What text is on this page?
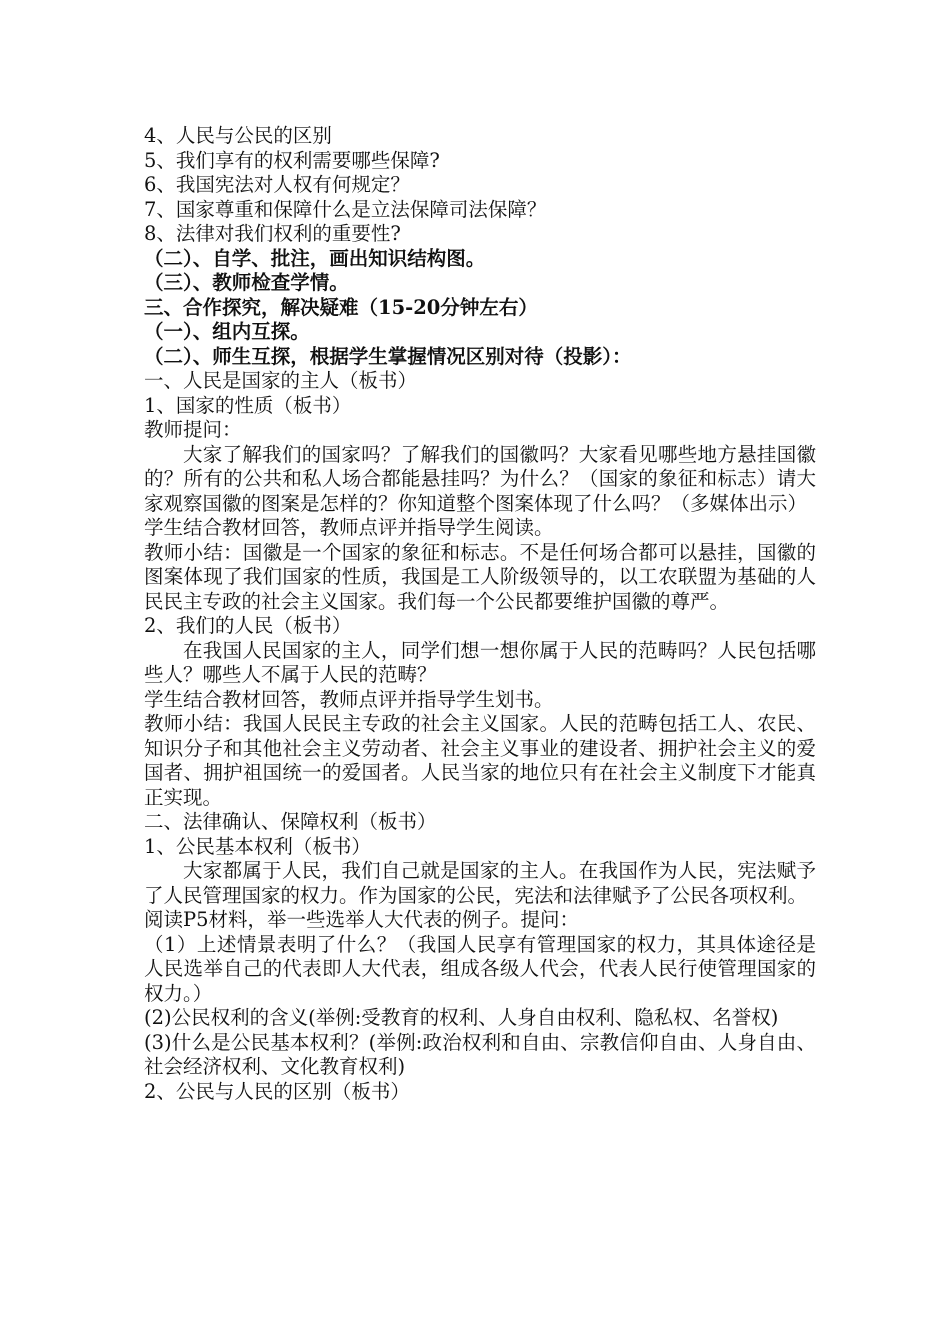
4、人民与公民的区别
5、我们享有的权利需要哪些保障?
6、我国宪法对人权有何规定？
7、国家尊重和保障什么是立法保障司法保障？
8、法律对我们权利的重要性?
（二）、自学、批注，画出知识结构图。
（三）、教师检查学情。
三、合作探究，解决疑难（15-20分钟左右）
（一）、组内互探。
（二）、师生互探，根据学生掌握情况区别对待（投影）：
一、人民是国家的主人（板书）
1、国家的性质（板书）
教师提问：
大家了解我们的国家吗？了解我们的国徽吗？大家看见哪些地方悬挂国徽的？所有的公共和私人场合都能悬挂吗？为什么？（国家的象征和标志）请大家观察国徽的图案是怎样的？你知道整个图案体现了什么吗？（多媒体出示）
学生结合教材回答，教师点评并指导学生阅读。
教师小结：国徽是一个国家的象征和标志。不是任何场合都可以悬挂，国徽的图案体现了我们国家的性质，我国是工人阶级领导的，以工农联盟为基础的人民民主专政的社会主义国家。我们每一个公民都要维护国徽的尊严。
2、我们的人民（板书）
在我国人民国家的主人，同学们想一想你属于人民的范畴吗？人民包括哪些人？哪些人不属于人民的范畴？
学生结合教材回答，教师点评并指导学生划书。
教师小结：我国人民民主专政的社会主义国家。人民的范畴包括工人、农民、知识分子和其他社会主义劳动者、社会主义事业的建设者、拥护社会主义的爱国者、拥护祖国统一的爱国者。人民当家的地位只有在社会主义制度下才能真正实现。
二、法律确认、保障权利（板书）
1、公民基本权利（板书）
大家都属于人民，我们自己就是国家的主人。在我国作为人民，宪法赋予了人民管理国家的权力。作为国家的公民，宪法和法律赋予了公民各项权利。
阅读P5材料，举一些选举人大代表的例子。提问：
（1）上述情景表明了什么？（我国人民享有管理国家的权力，其具体途径是人民选举自己的代表即人大代表，组成各级人代会，代表人民行使管理国家的权力。）
(2)公民权利的含义(举例:受教育的权利、人身自由权利、隐私权、名誉权)
(3)什么是公民基本权利？(举例:政治权利和自由、宗教信仰自由、人身自由、社会经济权利、文化教育权利)
2、公民与人民的区别（板书）
